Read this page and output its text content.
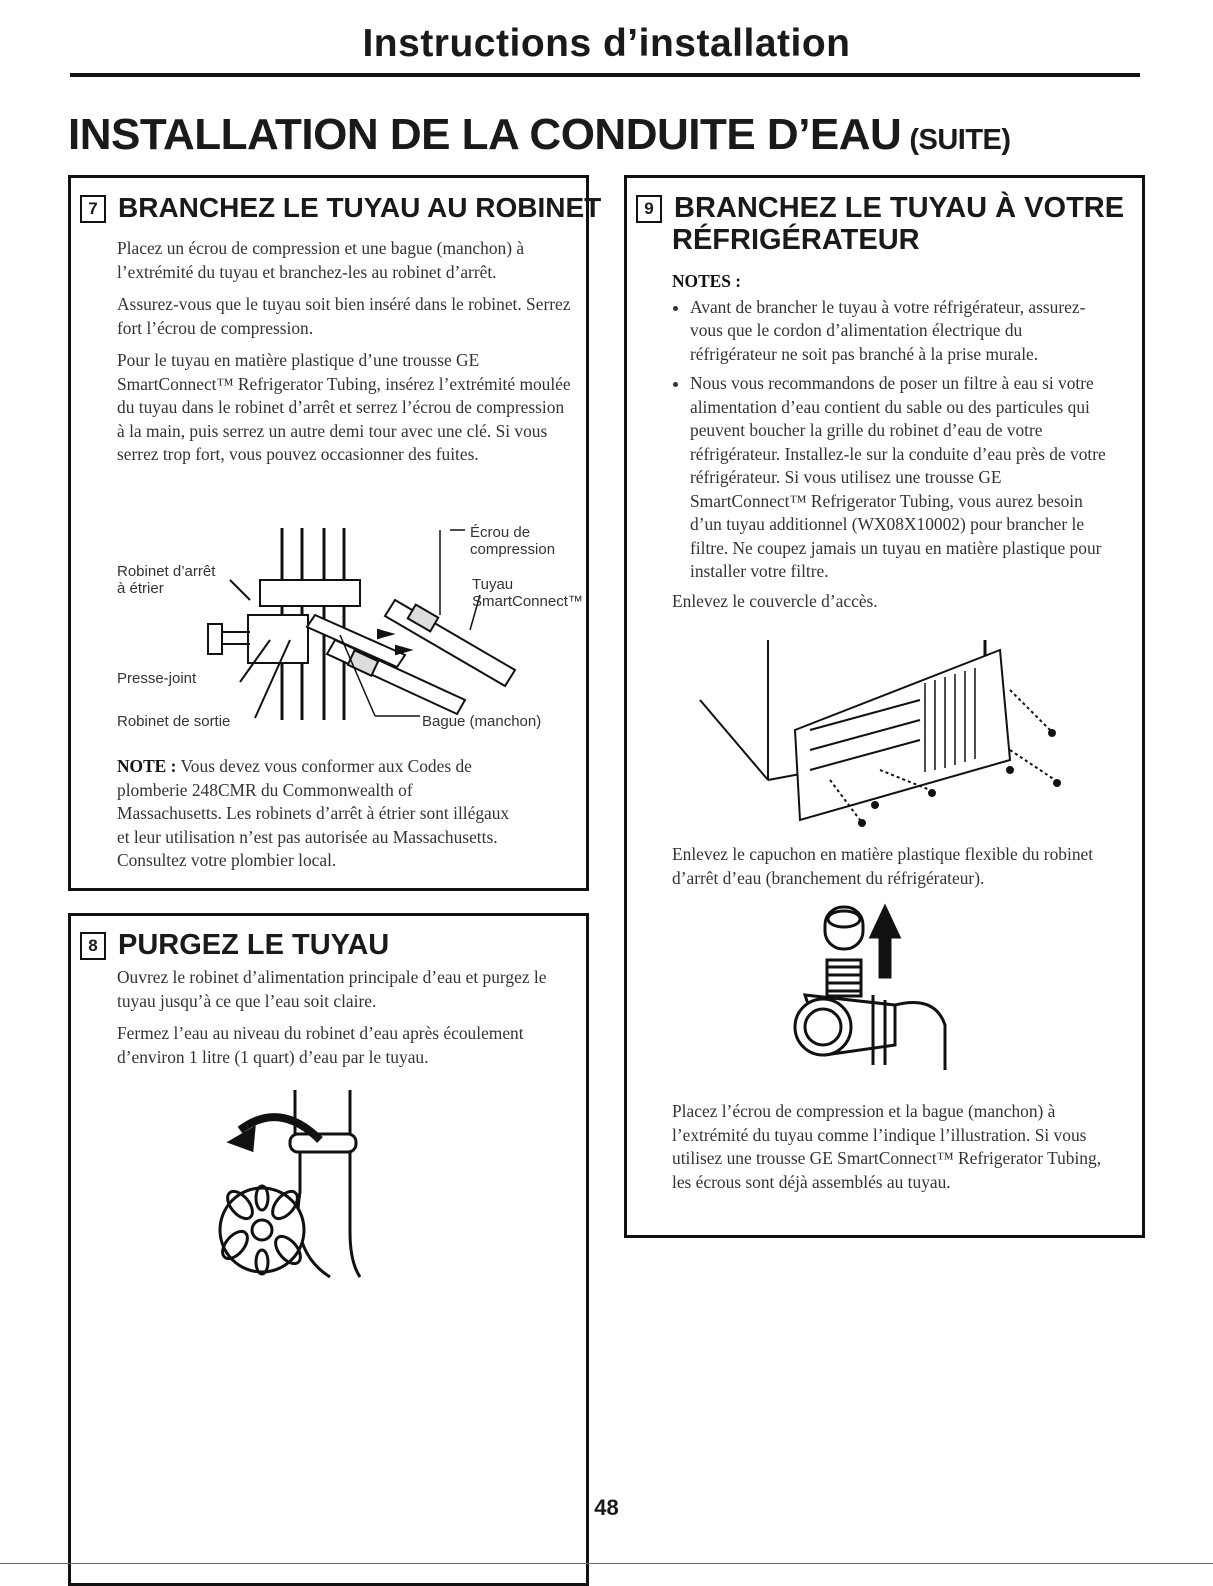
Instructions d’installation
INSTALLATION DE LA CONDUITE D’EAU (SUITE)
7 BRANCHEZ LE TUYAU AU ROBINET

Placez un écrou de compression et une bague (manchon) à l’extrémité du tuyau et branchez-les au robinet d’arrêt.

Assurez-vous que le tuyau soit bien inséré dans le robinet. Serrez fort l’écrou de compression.

Pour le tuyau en matière plastique d’une trousse GE SmartConnect™ Refrigerator Tubing, insérez l’extrémité moulée du tuyau dans le robinet d’arrêt et serrez l’écrou de compression à la main, puis serrez un autre demi tour avec une clé. Si vous serrez trop fort, vous pouvez occasionner des fuites.

Robinet d’arrêt
à étrier
Écrou de
compression
Tuyau
SmartConnect™
Presse-joint
Robinet de sortie	Bague (manchon)

NOTE : Vous devez vous conformer aux Codes de plomberie 248CMR du Commonwealth of Massachusetts. Les robinets d’arrêt à étrier sont illégaux et leur utilisation n’est pas autorisée au Massachusetts. Consultez votre plombier local.

8 PURGEZ LE TUYAU

Ouvrez le robinet d’alimentation principale d’eau et purgez le tuyau jusqu’à ce que l’eau soit claire.

Fermez l’eau au niveau du robinet d’eau après écoulement d’environ 1 litre (1 quart) d’eau par le tuyau.

9 BRANCHEZ LE TUYAU À VOTRE
RÉFRIGÉRATEUR
NOTES :
• Avant de brancher le tuyau à votre réfrigérateur, assurez-vous que le cordon d’alimentation électrique du réfrigérateur ne soit pas branché à la prise murale.
• Nous vous recommandons de poser un filtre à eau si votre alimentation d’eau contient du sable ou des particules qui peuvent boucher la grille du robinet d’eau de votre réfrigérateur. Installez-le sur la conduite d’eau près de votre réfrigérateur. Si vous utilisez une trousse GE SmartConnect™ Refrigerator Tubing, vous aurez besoin d’un tuyau additionnel (WX08X10002) pour brancher le filtre. Ne coupez jamais un tuyau en matière plastique pour installer votre filtre.

Enlevez le couvercle d’accès.

Enlevez le capuchon en matière plastique flexible du robinet d’arrêt d’eau (branchement du réfrigérateur).

Placez l’écrou de compression et la bague (manchon) à l’extrémité du tuyau comme l’indique l’illustration. Si vous utilisez une trousse GE SmartConnect™ Refrigerator Tubing, les écrous sont déjà assemblés au tuyau.

48
